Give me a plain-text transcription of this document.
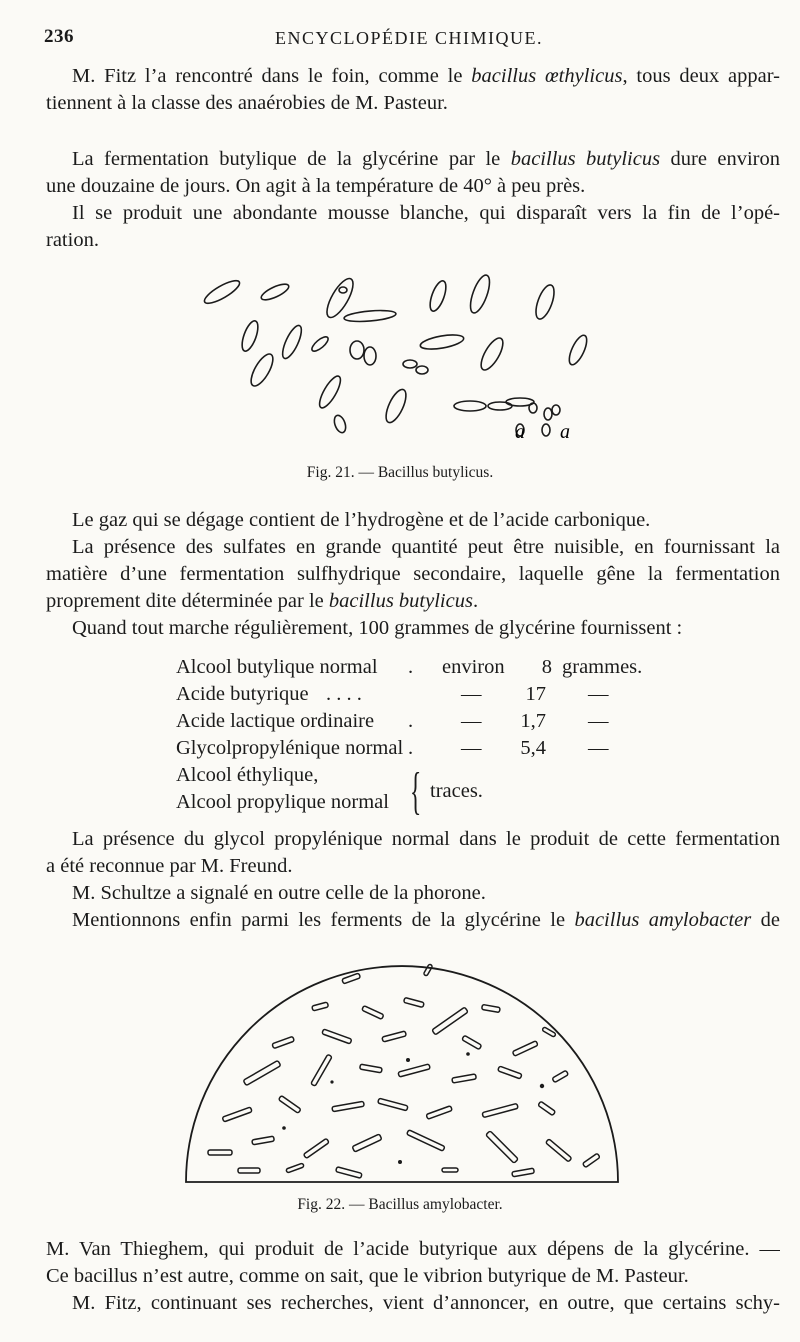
236	ENCYCLOPÉDIE CHIMIQUE.

M. Fitz l’a rencontré dans le foin, comme le bacillus œthylicus, tous deux appar-
tiennent à la classe des anaérobies de M. Pasteur.

La fermentation butylique de la glycérine par le bacillus butylicus dure environ
une douzaine de jours. On agit à la température de 40° à peu près.

Il se produit une abondante mousse blanche, qui disparaît vers la fin de l’opé-
ration.

a a
Fig. 21. — Bacillus butylicus.

Le gaz qui se dégage contient de l’hydrogène et de l’acide carbonique.

La présence des sulfates en grande quantité peut être nuisible, en fournissant la
matière d’une fermentation sulfhydrique secondaire, laquelle gêne la fermentation
proprement dite déterminée par le bacillus butylicus.

Quand tout marche régulièrement, 100 grammes de glycérine fournissent :

Alcool butylique normal . environ	8 grammes.
Acide butyrique . . . .	—	17 —
Acide lactique ordinaire . —	1,7 —
Glycolpropylénique normal . —	5,4 —
Alcool éthylique,
Alcool propylique normal { traces.

La présence du glycol propylénique normal dans le produit de cette fermentation
a été reconnue par M. Freund.

M. Schultze a signalé en outre celle de la phorone.

Mentionnons enfin parmi les ferments de la glycérine le bacillus amylobacter de

Fig. 22. — Bacillus amylobacter.

M. Van Thieghem, qui produit de l’acide butyrique aux dépens de la glycérine. —
Ce bacillus n’est autre, comme on sait, que le vibrion butyrique de M. Pasteur.

M. Fitz, continuant ses recherches, vient d’annoncer, en outre, que certains schy-
